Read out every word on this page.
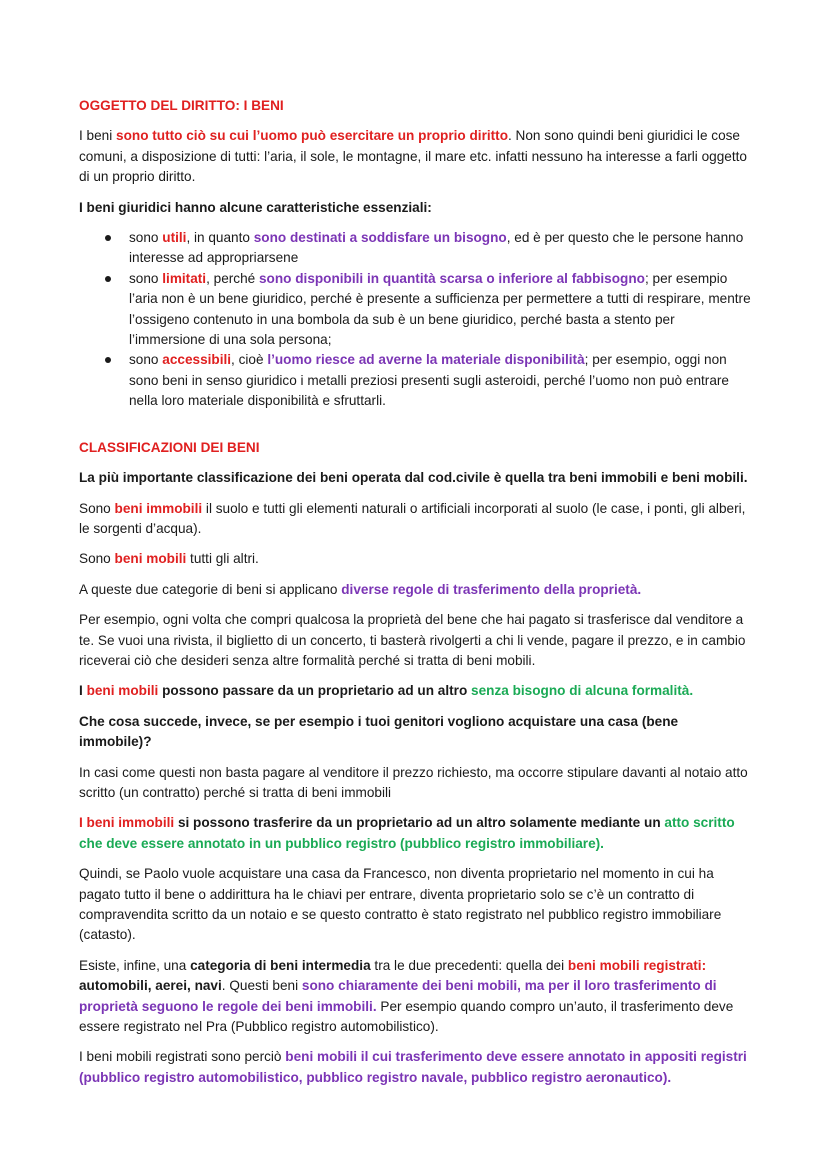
OGGETTO DEL DIRITTO: I BENI

I beni sono tutto ciò su cui l’uomo può esercitare un proprio diritto. Non sono quindi beni giuridici le cose comuni, a disposizione di tutti: l’aria, il sole, le montagne, il mare etc. infatti nessuno ha interesse a farli oggetto di un proprio diritto.

I beni giuridici hanno alcune caratteristiche essenziali:

sono utili, in quanto sono destinati a soddisfare un bisogno, ed è per questo che le persone hanno interesse ad appropriarsene
sono limitati, perché sono disponibili in quantità scarsa o inferiore al fabbisogno; per esempio l’aria non è un bene giuridico, perché è presente a sufficienza per permettere a tutti di respirare, mentre l’ossigeno contenuto in una bombola da sub è un bene giuridico, perché basta a stento per l’immersione di una sola persona;
sono accessibili, cioè l’uomo riesce ad averne la materiale disponibilità; per esempio, oggi non sono beni in senso giuridico i metalli preziosi presenti sugli asteroidi, perché l’uomo non può entrare nella loro materiale disponibilità e sfruttarli.

CLASSIFICAZIONI DEI BENI

La più importante classificazione dei beni operata dal cod.civile è quella tra beni immobili e beni mobili.

Sono beni immobili il suolo e tutti gli elementi naturali o artificiali incorporati al suolo (le case, i ponti, gli alberi, le sorgenti d’acqua).

Sono beni mobili tutti gli altri.

A queste due categorie di beni si applicano diverse regole di trasferimento della proprietà.

Per esempio, ogni volta che compri qualcosa la proprietà del bene che hai pagato si trasferisce dal venditore a te. Se vuoi una rivista, il biglietto di un concerto, ti basterà rivolgerti a chi li vende, pagare il prezzo, e in cambio riceverai ciò che desideri senza altre formalità perché si tratta di beni mobili.

I beni mobili possono passare da un proprietario ad un altro senza bisogno di alcuna formalità.

Che cosa succede, invece, se per esempio i tuoi genitori vogliono acquistare una casa (bene immobile)?

In casi come questi non basta pagare al venditore il prezzo richiesto, ma occorre stipulare davanti al notaio atto scritto (un contratto) perché si tratta di beni immobili

I beni immobili si possono trasferire da un proprietario ad un altro solamente mediante un atto scritto che deve essere annotato in un pubblico registro (pubblico registro immobiliare).

Quindi, se Paolo vuole acquistare una casa da Francesco, non diventa proprietario nel momento in cui ha pagato tutto il bene o addirittura ha le chiavi per entrare, diventa proprietario solo se c’è un contratto di compravendita scritto da un notaio e se questo contratto è stato registrato nel pubblico registro immobiliare (catasto).

Esiste, infine, una categoria di beni intermedia tra le due precedenti: quella dei beni mobili registrati: automobili, aerei, navi. Questi beni sono chiaramente dei beni mobili, ma per il loro trasferimento di proprietà seguono le regole dei beni immobili. Per esempio quando compro un’auto, il trasferimento deve essere registrato nel Pra (Pubblico registro automobilistico).

I beni mobili registrati sono perciò beni mobili il cui trasferimento deve essere annotato in appositi registri (pubblico registro automobilistico, pubblico registro navale, pubblico registro aeronautico).
